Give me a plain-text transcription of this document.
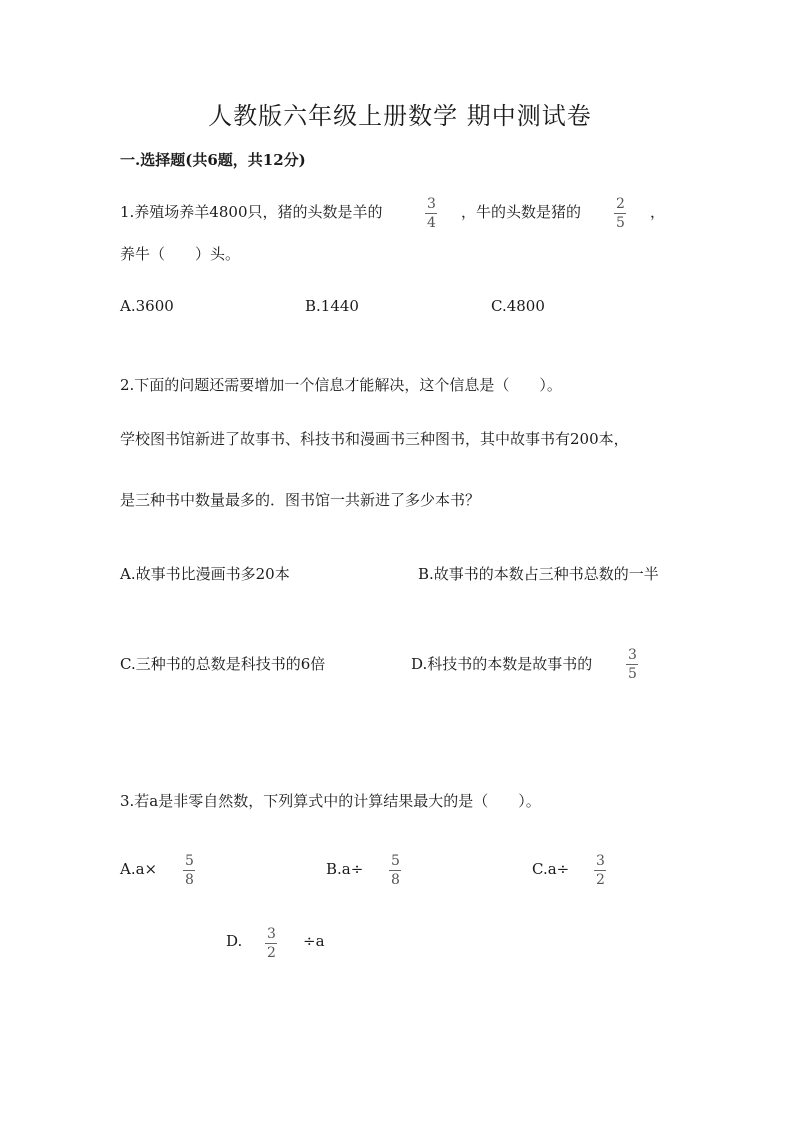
人教版六年级上册数学 期中测试卷
一.选择题(共6题，共12分)
1.养殖场养羊4800只，猪的头数是羊的	3
4
，牛的头数是猪的 2
5
，
养牛（　　）头。
A.3600	B.1440	C.4800
2.下面的问题还需要增加一个信息才能解决，这个信息是（　　）。
学校图书馆新进了故事书、科技书和漫画书三种图书，其中故事书有200本，
是三种书中数量最多的．图书馆一共新进了多少本书？
A.故事书比漫画书多20本	B.故事书的本数占三种书总数的一半
C.三种书的总数是科技书的6倍	D.科技书的本数是故事书的	3
5
3.若a是非零自然数，下列算式中的计算结果最大的是（　　）。
A.a× 5
8
B.a÷ 5
8
C.a÷ 3
2
D. 3
2
÷a
